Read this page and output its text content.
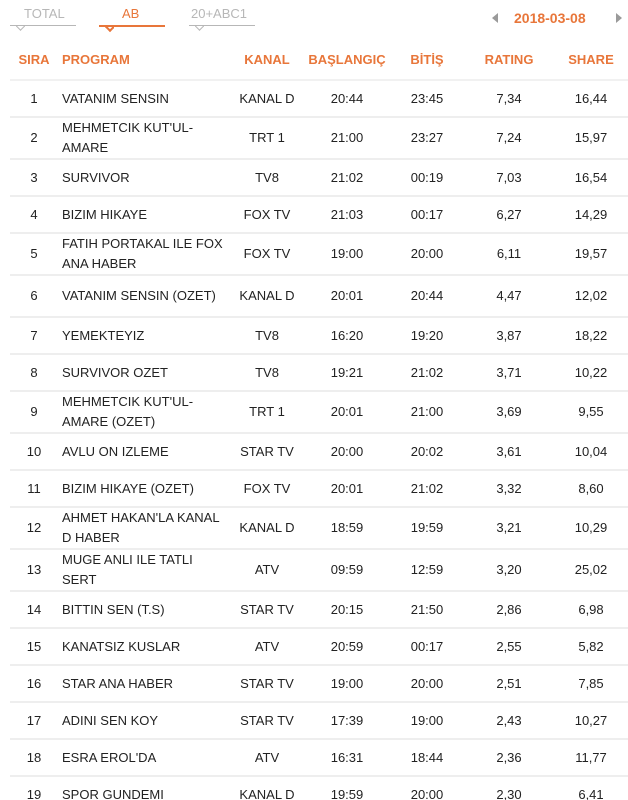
TOTAL	AB	20+ABC1	2018-03-08
SIRA	PROGRAM	KANAL	BAŞLANGIÇ	BİTİŞ	RATING	SHARE
1	VATANIM SENSIN	KANAL D	20:44	23:45	7,34	16,44
2	MEHMETCIK KUT'UL-AMARE	TRT 1	21:00	23:27	7,24	15,97
3	SURVIVOR	TV8	21:02	00:19	7,03	16,54
4	BIZIM HIKAYE	FOX TV	21:03	00:17	6,27	14,29
5	FATIH PORTAKAL ILE FOX ANA HABER	FOX TV	19:00	20:00	6,11	19,57
6	VATANIM SENSIN (OZET)	KANAL D	20:01	20:44	4,47	12,02
7	YEMEKTEYIZ	TV8	16:20	19:20	3,87	18,22
8	SURVIVOR OZET	TV8	19:21	21:02	3,71	10,22
9	MEHMETCIK KUT'UL-AMARE (OZET)	TRT 1	20:01	21:00	3,69	9,55
10	AVLU ON IZLEME	STAR TV	20:00	20:02	3,61	10,04
11	BIZIM HIKAYE (OZET)	FOX TV	20:01	21:02	3,32	8,60
12	AHMET HAKAN'LA KANAL D HABER	KANAL D	18:59	19:59	3,21	10,29
13	MUGE ANLI ILE TATLI SERT	ATV	09:59	12:59	3,20	25,02
14	BITTIN SEN (T.S)	STAR TV	20:15	21:50	2,86	6,98
15	KANATSIZ KUSLAR	ATV	20:59	00:17	2,55	5,82
16	STAR ANA HABER	STAR TV	19:00	20:00	2,51	7,85
17	ADINI SEN KOY	STAR TV	17:39	19:00	2,43	10,27
18	ESRA EROL'DA	ATV	16:31	18:44	2,36	11,77
19	SPOR GUNDEMI	KANAL D	19:59	20:00	2,30	6,41
